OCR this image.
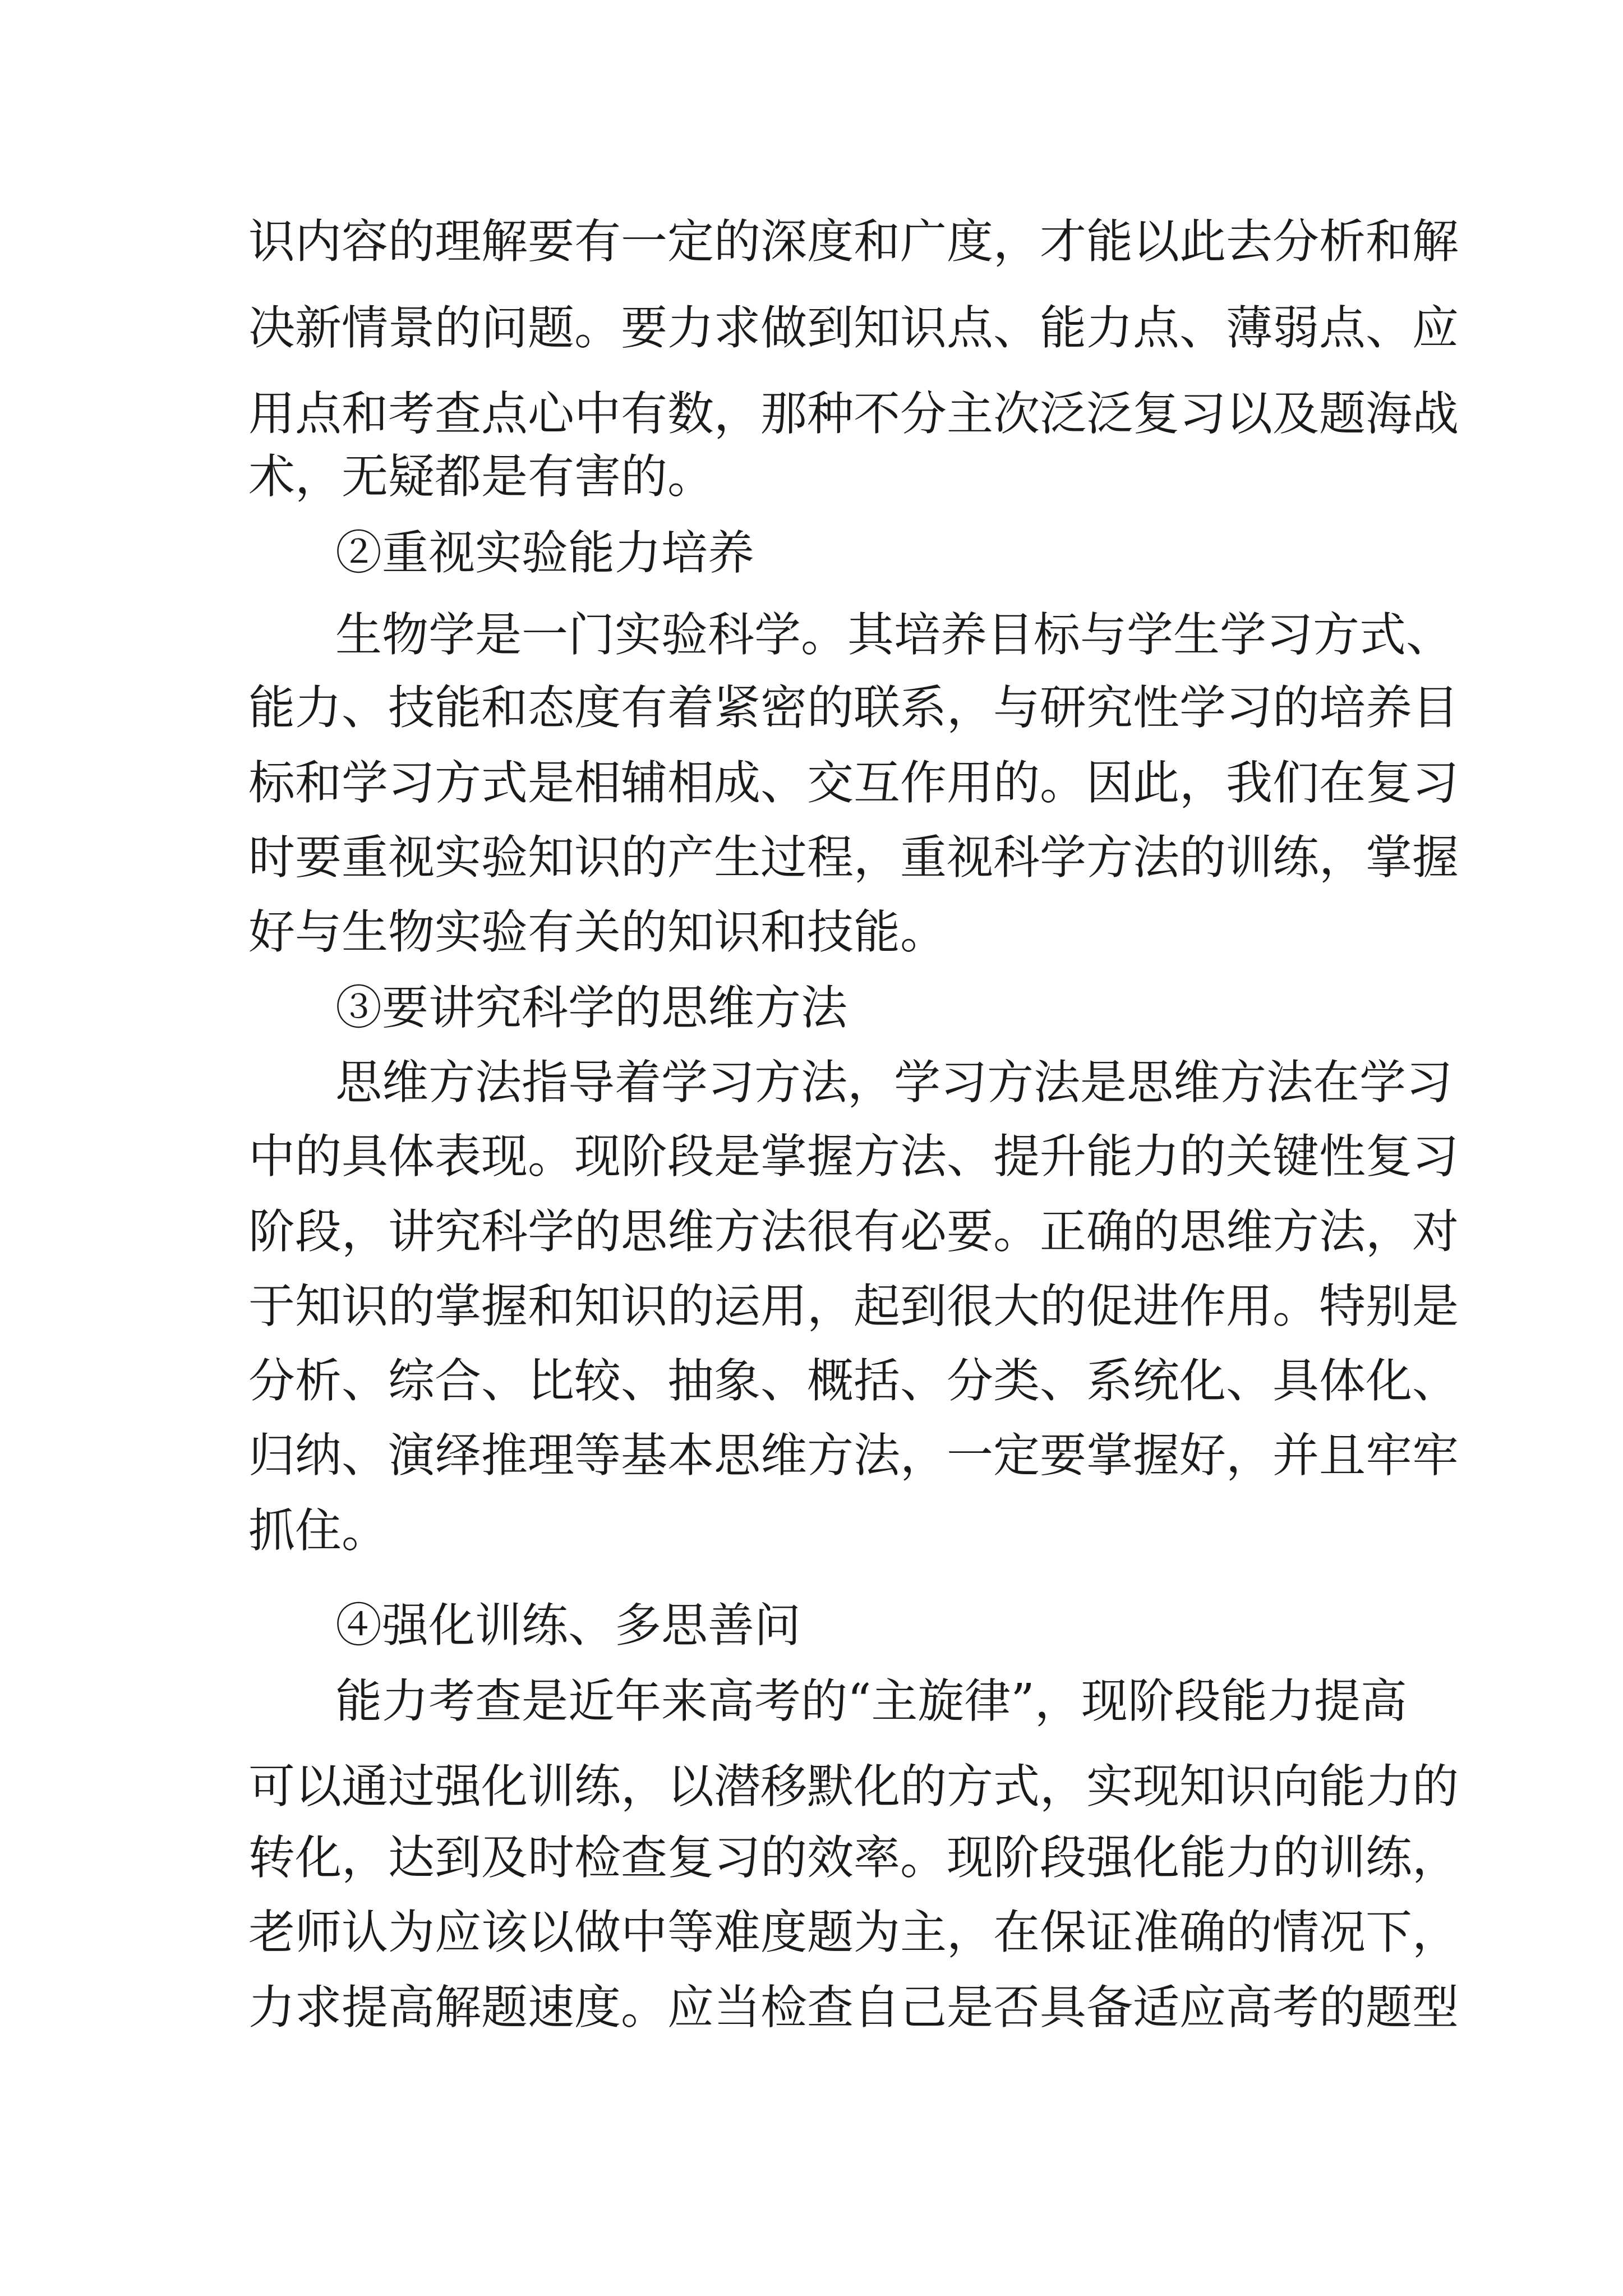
识内容的理解要有一定的深度和广度，才能以此去分析和解
决新情景的问题。要力求做到知识点、能力点、薄弱点、应
用点和考查点心中有数，那种不分主次泛泛复习以及题海战
术，无疑都是有害的。
②重视实验能力培养
生物学是一门实验科学。其培养目标与学生学习方式、
能力、技能和态度有着紧密的联系，与研究性学习的培养目
标和学习方式是相辅相成、交互作用的。因此，我们在复习
时要重视实验知识的产生过程，重视科学方法的训练，掌握
好与生物实验有关的知识和技能。
③要讲究科学的思维方法
思维方法指导着学习方法，学习方法是思维方法在学习
中的具体表现。现阶段是掌握方法、提升能力的关键性复习
阶段，讲究科学的思维方法很有必要。正确的思维方法，对
于知识的掌握和知识的运用，起到很大的促进作用。特别是
分析、综合、比较、抽象、概括、分类、系统化、具体化、
归纳、演绎推理等基本思维方法，一定要掌握好，并且牢牢
抓住。
④强化训练、多思善问
能力考查是近年来高考的“主旋律”，现阶段能力提高
可以通过强化训练，以潜移默化的方式，实现知识向能力的
转化，达到及时检查复习的效率。现阶段强化能力的训练，
老师认为应该以做中等难度题为主，在保证准确的情况下，
力求提高解题速度。应当检查自己是否具备适应高考的题型
